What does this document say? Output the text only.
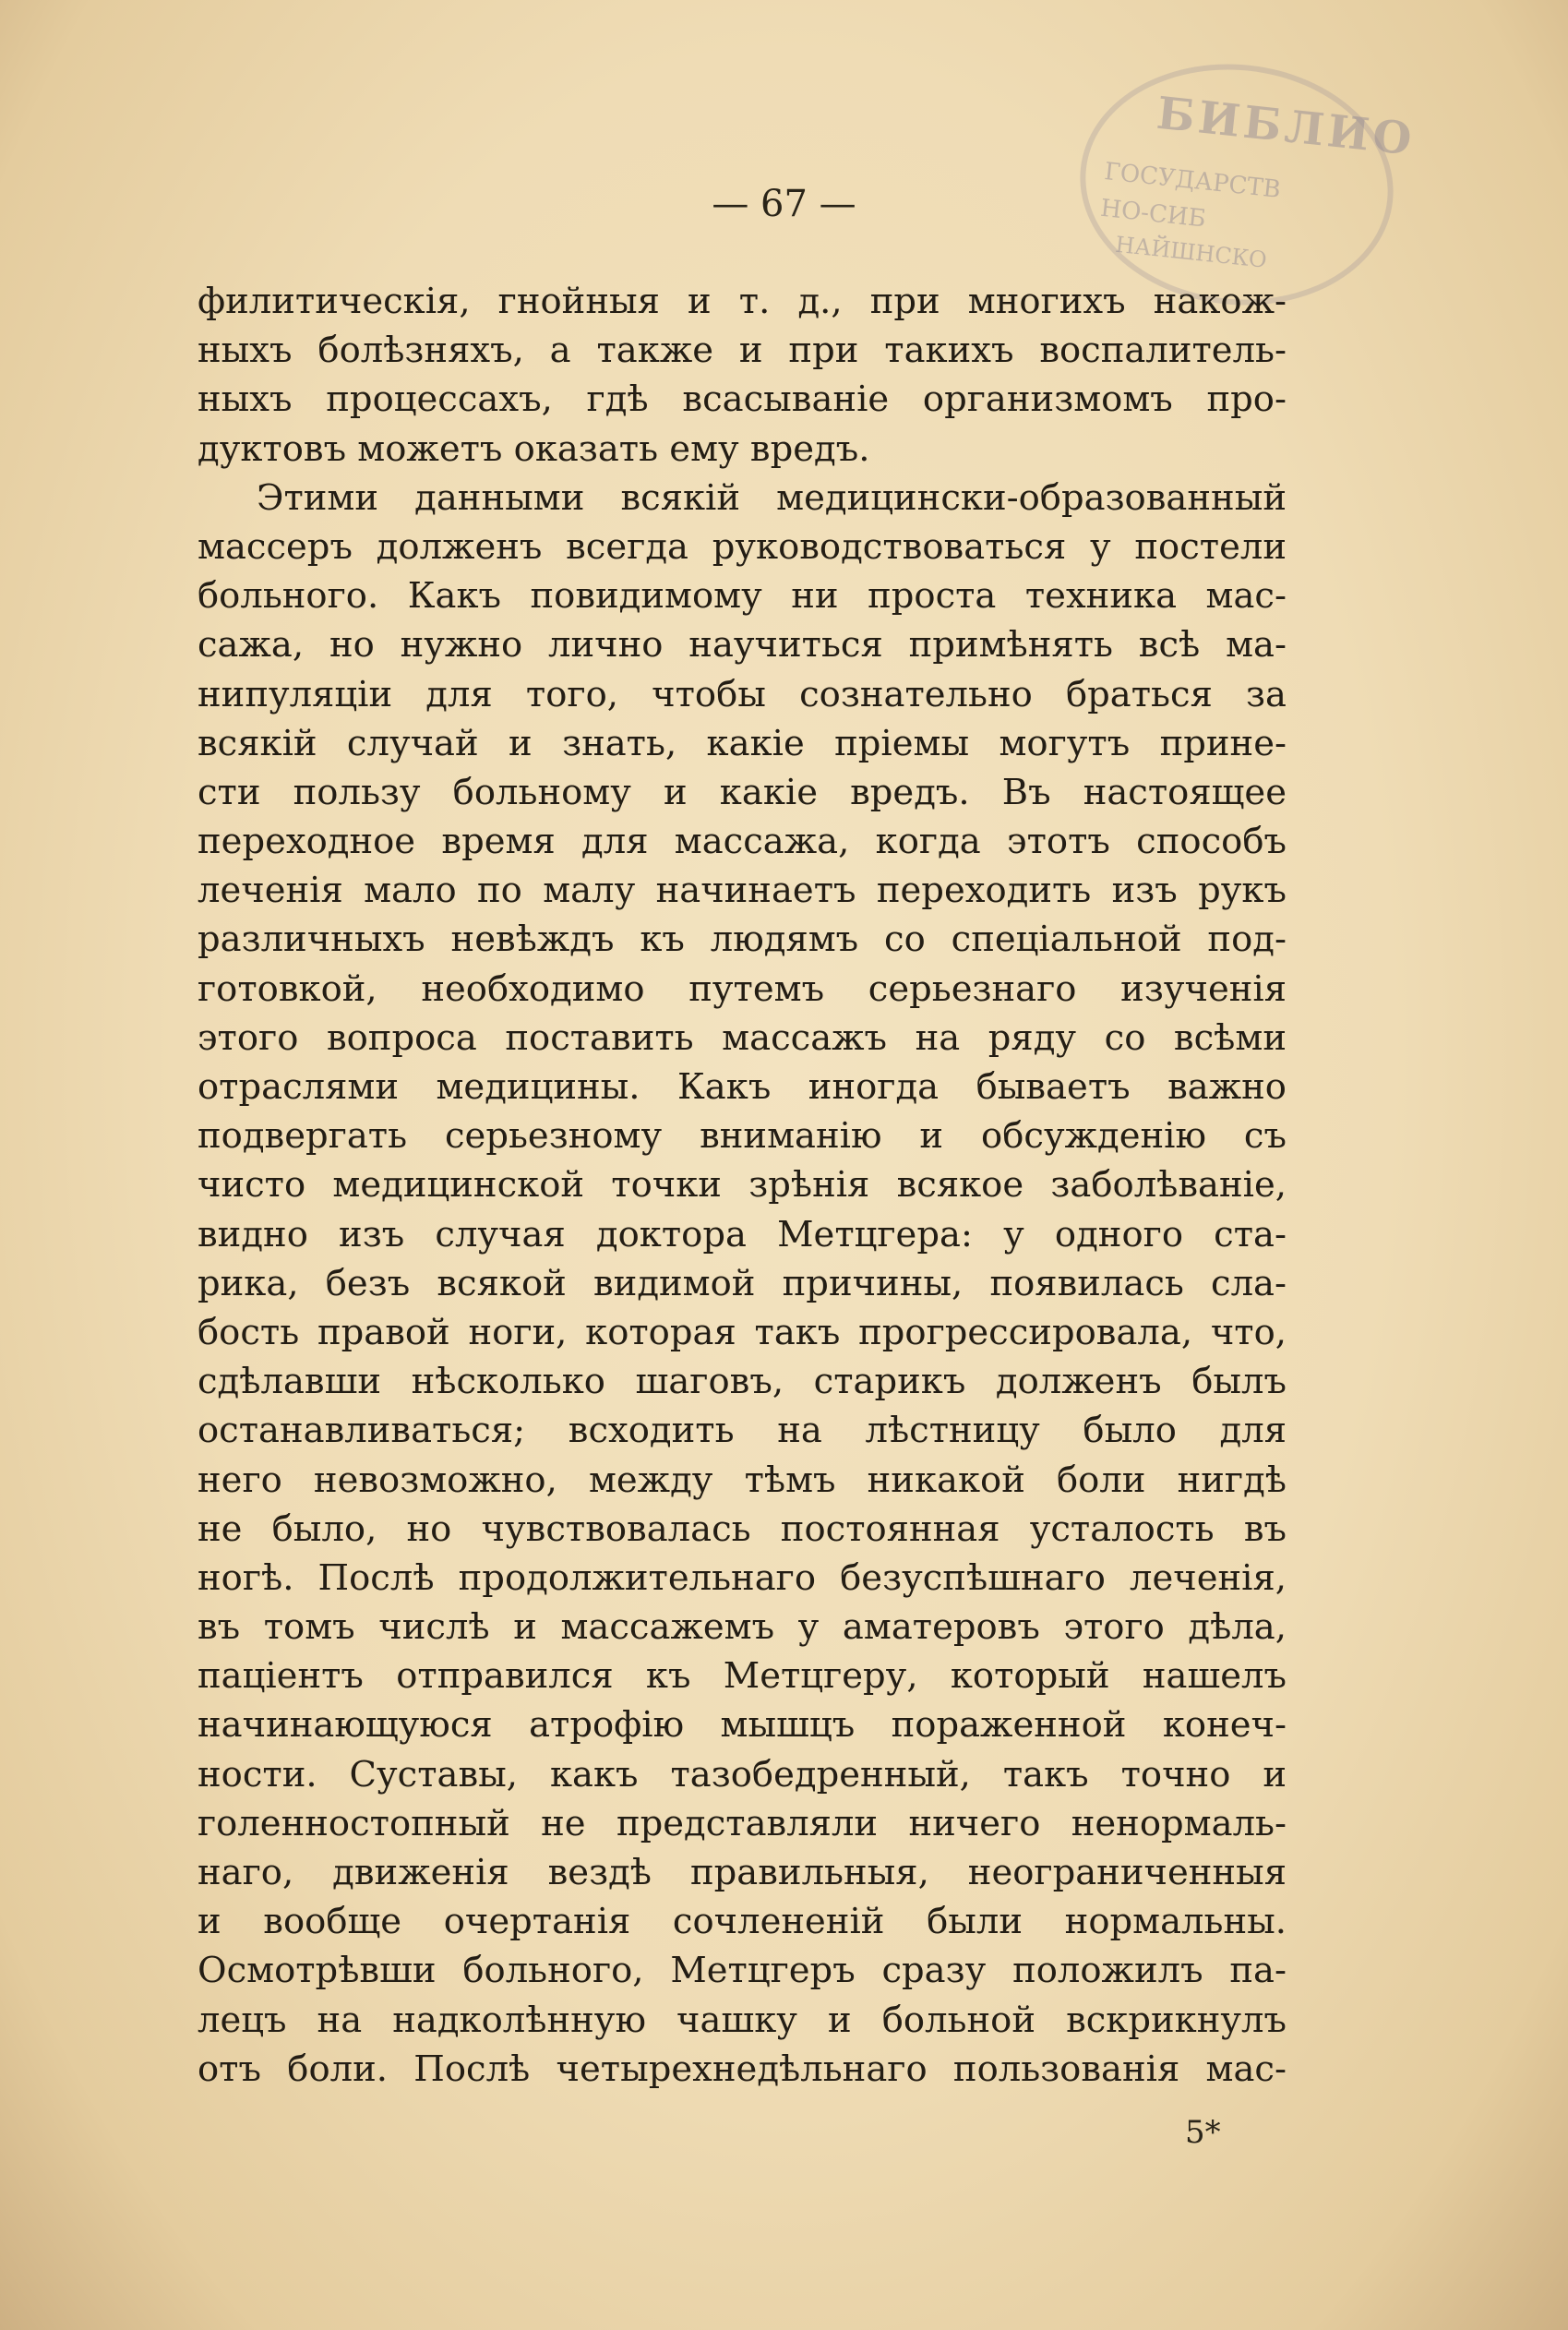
БИБЛИО
ГОСУДАРСТВ
НО-СИБ
НАЙШНСКО
— 67 —
филитическія, гнойныя и т. д., при многихъ накож-
ныхъ болѣзняхъ, а также и при такихъ воспалитель-
ныхъ процессахъ, гдѣ всасываніе организмомъ про-
дуктовъ можетъ оказать ему вредъ.
Этими данными всякій медицински-образованный
массеръ долженъ всегда руководствоваться у постели
больного. Какъ повидимому ни проста техника мас-
сажа, но нужно лично научиться примѣнять всѣ ма-
нипуляціи для того, чтобы сознательно браться за
всякій случай и знать, какіе пріемы могутъ прине-
сти пользу больному и какіе вредъ. Въ настоящее
переходное время для массажа, когда этотъ способъ
леченія мало по малу начинаетъ переходить изъ рукъ
различныхъ невѣждъ къ людямъ со спеціальной под-
готовкой, необходимо путемъ серьезнаго изученія
этого вопроса поставить массажъ на ряду со всѣми
отраслями медицины. Какъ иногда бываетъ важно
подвергать серьезному вниманію и обсужденію съ
чисто медицинской точки зрѣнія всякое заболѣваніе,
видно изъ случая доктора Метцгера: у одного ста-
рика, безъ всякой видимой причины, появилась сла-
бость правой ноги, которая такъ прогрессировала, что,
сдѣлавши нѣсколько шаговъ, старикъ долженъ былъ
останавливаться; всходить на лѣстницу было для
него невозможно, между тѣмъ никакой боли нигдѣ
не было, но чувствовалась постоянная усталость въ
ногѣ. Послѣ продолжительнаго безуспѣшнаго леченія,
въ томъ числѣ и массажемъ у аматеровъ этого дѣла,
паціентъ отправился къ Метцгеру, который нашелъ
начинающуюся атрофію мышцъ пораженной конеч-
ности. Суставы, какъ тазобедренный, такъ точно и
голенностопный не представляли ничего ненормаль-
наго, движенія вездѣ правильныя, неограниченныя
и вообще очертанія сочлененій были нормальны.
Осмотрѣвши больного, Метцгеръ сразу положилъ па-
лецъ на надколѣнную чашку и больной вскрикнулъ
отъ боли. Послѣ четырехнедѣльнаго пользованія мас-
5*
